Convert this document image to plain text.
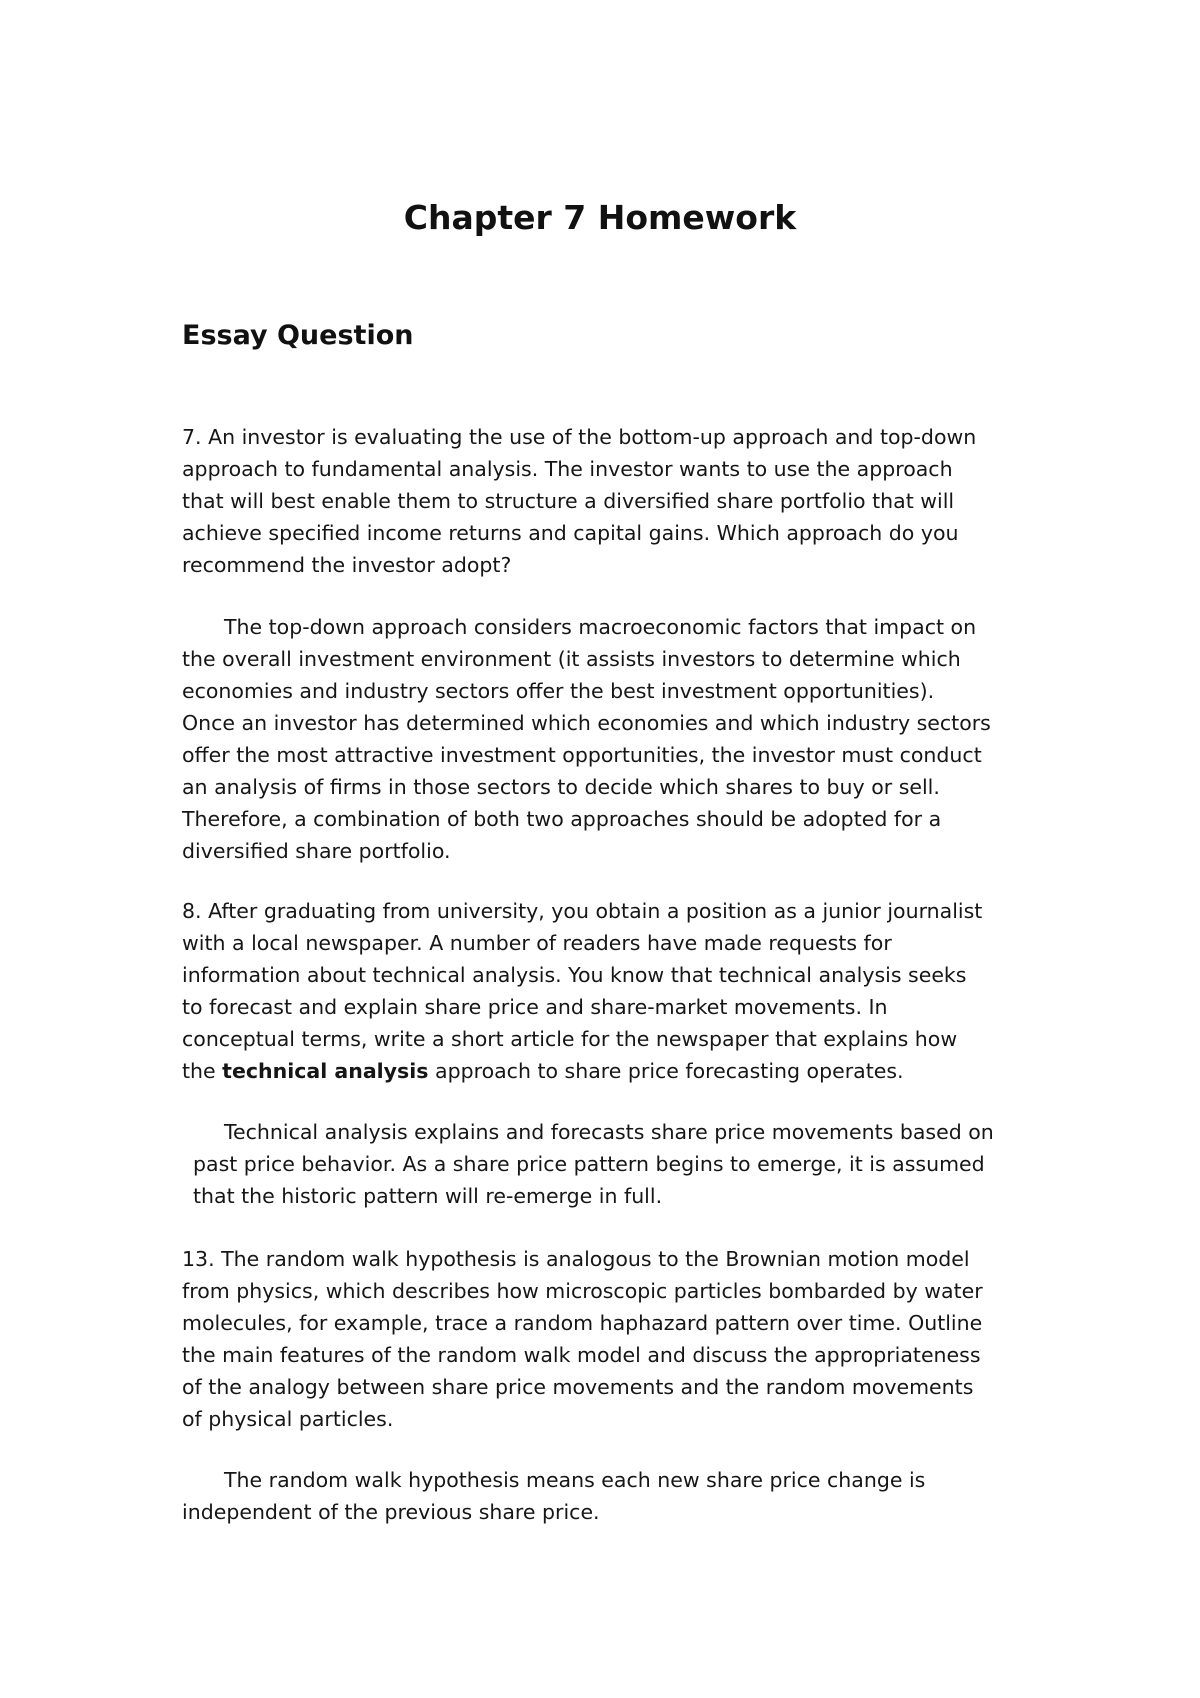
Chapter 7 Homework
Essay Question

7. An investor is evaluating the use of the bottom-up approach and top-down
approach to fundamental analysis. The investor wants to use the approach
that will best enable them to structure a diversified share portfolio that will
achieve specified income returns and capital gains. Which approach do you
recommend the investor adopt?

The top-down approach considers macroeconomic factors that impact on
the overall investment environment (it assists investors to determine which
economies and industry sectors offer the best investment opportunities).
Once an investor has determined which economies and which industry sectors
offer the most attractive investment opportunities, the investor must conduct
an analysis of firms in those sectors to decide which shares to buy or sell.
Therefore, a combination of both two approaches should be adopted for a
diversified share portfolio.

8. After graduating from university, you obtain a position as a junior journalist
with a local newspaper. A number of readers have made requests for
information about technical analysis. You know that technical analysis seeks
to forecast and explain share price and share-market movements. In
conceptual terms, write a short article for the newspaper that explains how
the technical analysis approach to share price forecasting operates.

Technical analysis explains and forecasts share price movements based on
past price behavior. As a share price pattern begins to emerge, it is assumed
that the historic pattern will re-emerge in full.

13. The random walk hypothesis is analogous to the Brownian motion model
from physics, which describes how microscopic particles bombarded by water
molecules, for example, trace a random haphazard pattern over time. Outline
the main features of the random walk model and discuss the appropriateness
of the analogy between share price movements and the random movements
of physical particles.

The random walk hypothesis means each new share price change is
independent of the previous share price.
